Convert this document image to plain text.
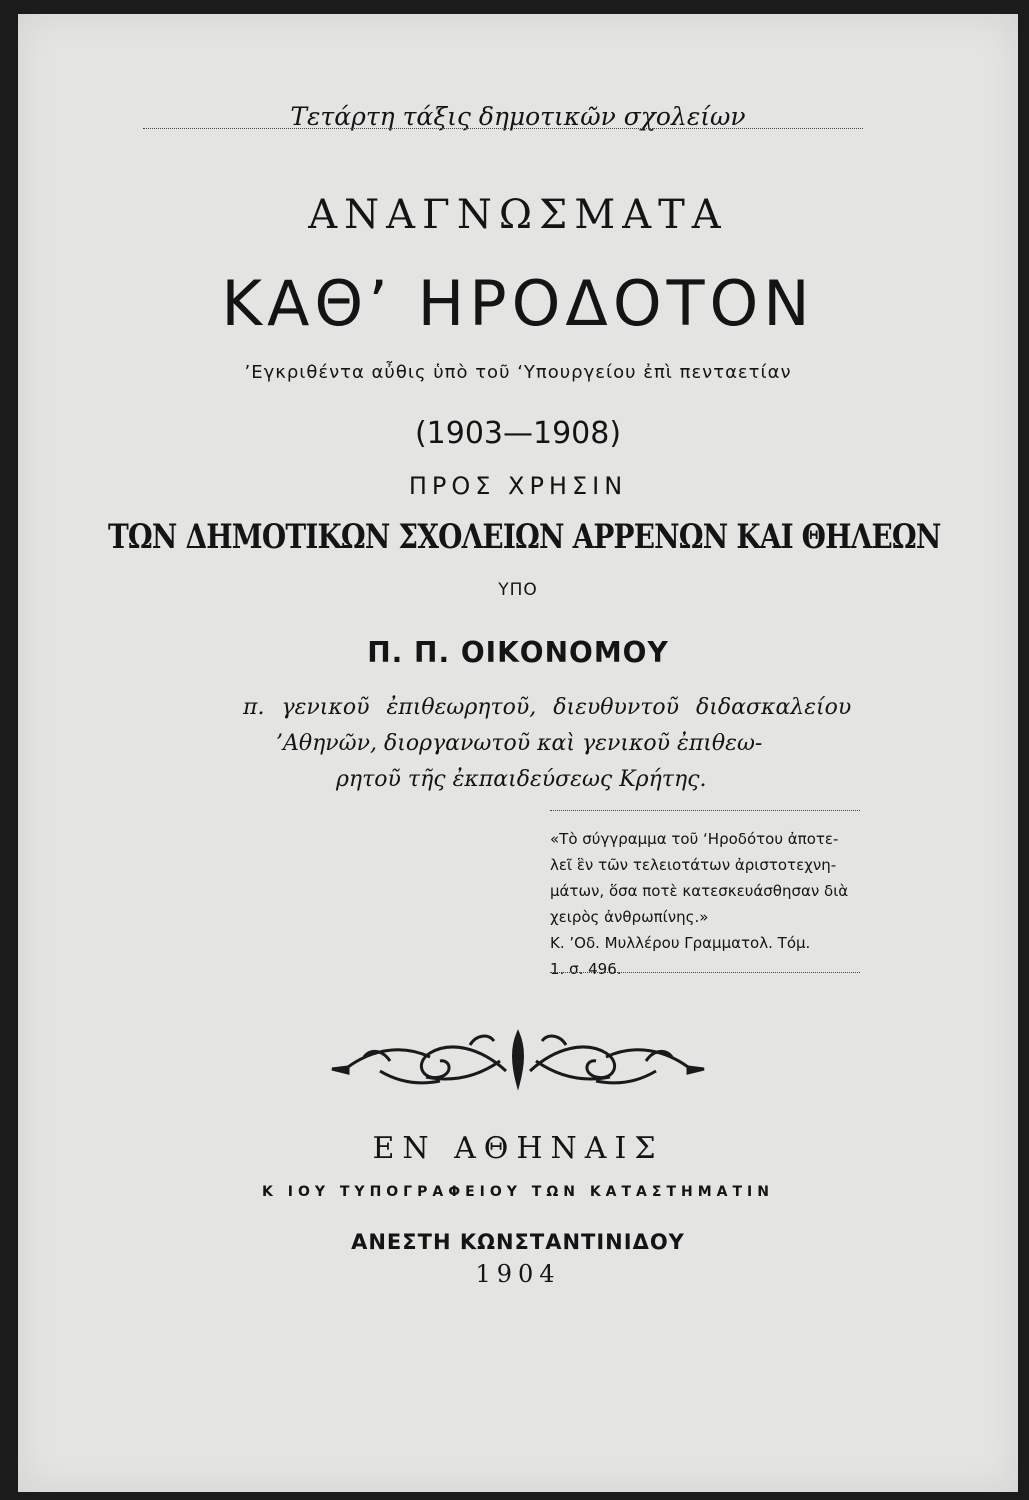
Τετάρτη τάξις δημοτικῶν σχολείων
ΑΝΑΓΝΩΣΜΑΤΑ
ΚΑΘ’ ΗΡΟΔΟΤΟΝ
’Εγκριθέντα αὖθις ὑπὸ τοῦ ‘Υπουργείου ἐπὶ πενταετίαν
(1903—1908)
ΠΡΟΣ ΧΡΗΣΙΝ
ΤΩΝ ΔΗΜΟΤΙΚΩΝ ΣΧΟΛΕΙΩΝ ΑΡΡΕΝΩΝ ΚΑΙ ΘΗΛΕΩΝ
ΥΠΟ
Π. Π. ΟΙΚΟΝΟΜΟΥ
π. γενικοῦ ἐπιθεωρητοῦ, διευθυντοῦ διδασκαλείου
’Αθηνῶν, διοργανωτοῦ καὶ γενικοῦ ἐπιθεω-
ρητοῦ τῆς ἐκπαιδεύσεως Κρήτης.
«Τὸ σύγγραμμα τοῦ ‘Ηροδότου ἀποτε-
λεῖ ἓν τῶν τελειοτάτων ἀριστοτεχνη-
μάτων, ὅσα ποτὲ κατεσκευάσθησαν διὰ
χειρὸς ἀνθρωπίνης.»
Κ. ’Οδ. Μυλλέρου Γραμματολ. Τόμ.
1. σ. 496.
ΕΝ ΑΘΗΝΑΙΣ
Κ ΙΟΥ ΤΥΠΟΓΡΑΦΕΙΟΥ ΤΩΝ ΚΑΤΑΣΤΗΜΑΤΙΝ
ΑΝΕΣΤΗ ΚΩΝΣΤΑΝΤΙΝΙΔΟΥ
1904
